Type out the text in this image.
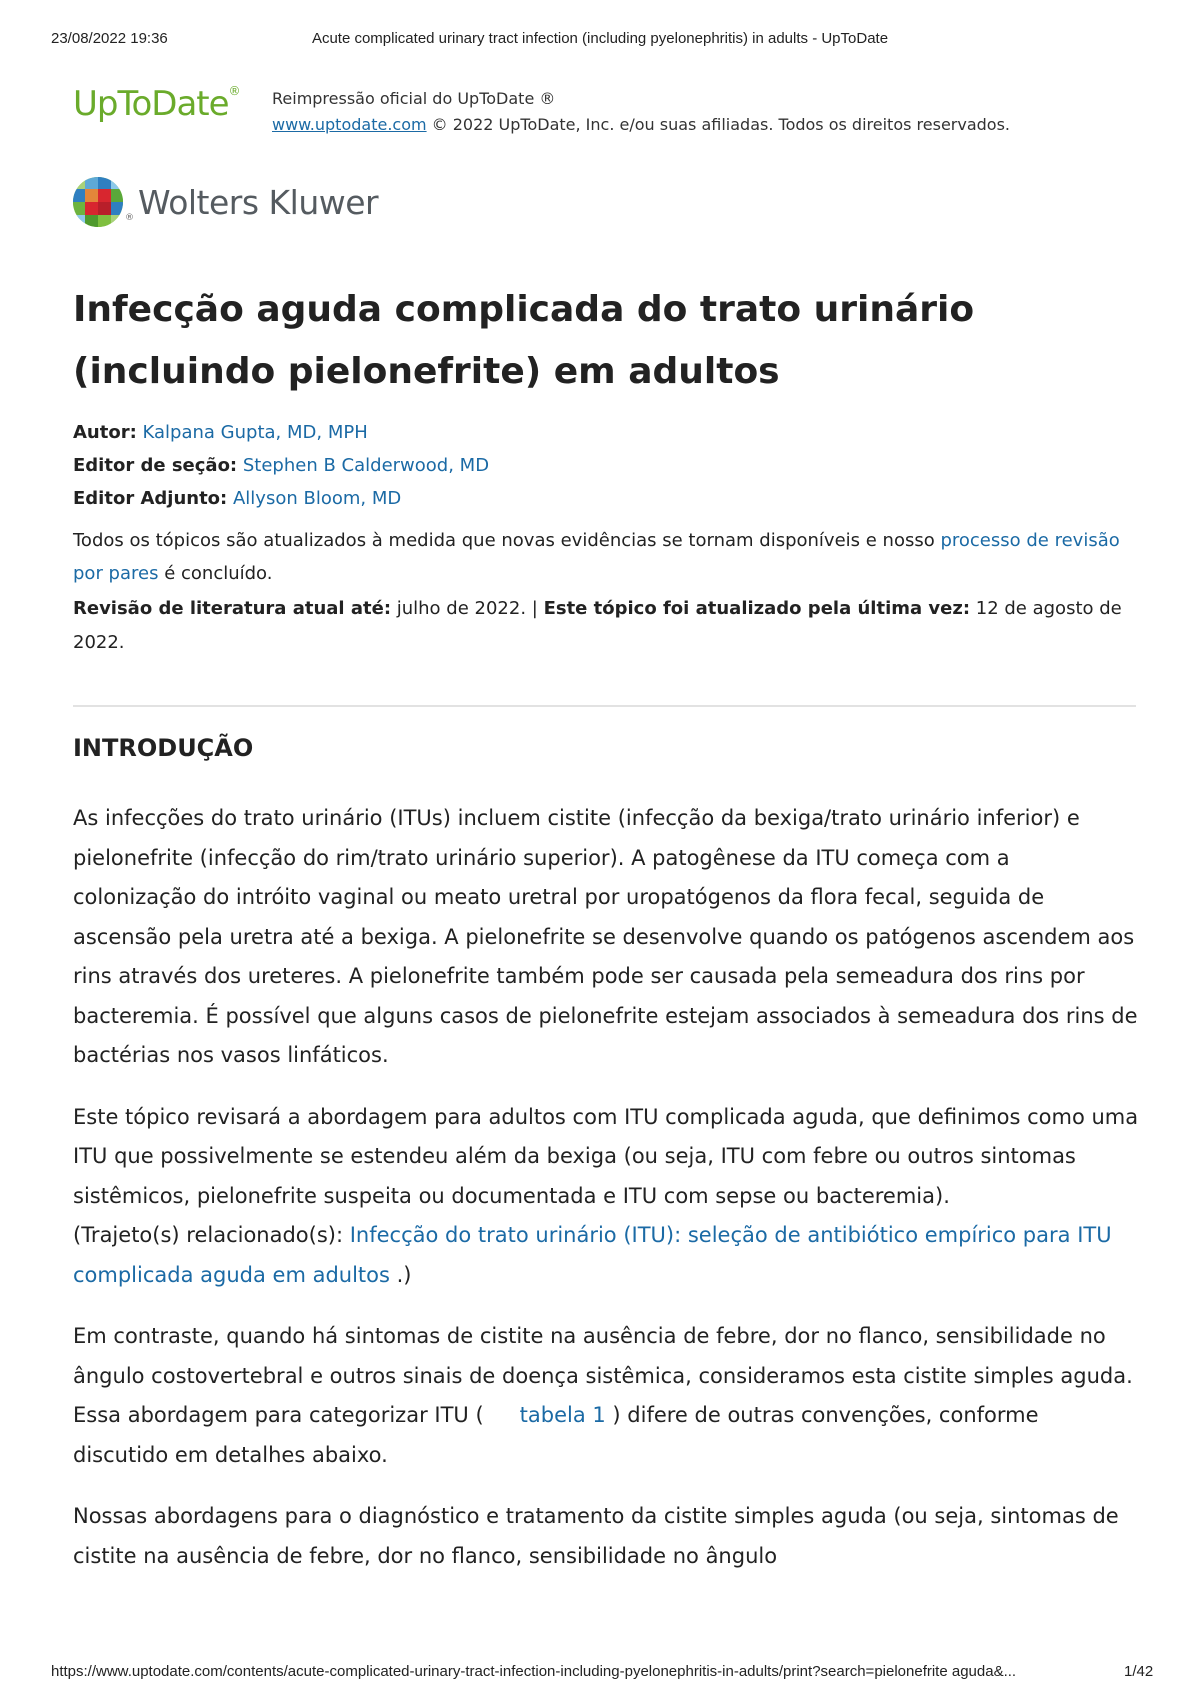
23/08/2022 19:36	Acute complicated urinary tract infection (including pyelonephritis) in adults - UpToDate
UpToDate® Reimpressão oficial do UpToDate ®
www.uptodate.com © 2022 UpToDate, Inc. e/ou suas afiliadas. Todos os direitos reservados.
® Wolters Kluwer
Infecção aguda complicada do trato urinário (incluindo pielonefrite) em adultos
Autor: Kalpana Gupta, MD, MPH
Editor de seção: Stephen B Calderwood, MD
Editor Adjunto: Allyson Bloom, MD
Todos os tópicos são atualizados à medida que novas evidências se tornam disponíveis e nosso processo de revisão por pares é concluído.
Revisão de literatura atual até: julho de 2022. | Este tópico foi atualizado pela última vez: 12 de agosto de 2022.
INTRODUÇÃO

As infecções do trato urinário (ITUs) incluem cistite (infecção da bexiga/trato urinário inferior) e pielonefrite (infecção do rim/trato urinário superior). A patogênese da ITU começa com a colonização do intróito vaginal ou meato uretral por uropatógenos da flora fecal, seguida de ascensão pela uretra até a bexiga. A pielonefrite se desenvolve quando os patógenos ascendem aos rins através dos ureteres. A pielonefrite também pode ser causada pela semeadura dos rins por bacteremia. É possível que alguns casos de pielonefrite estejam associados à semeadura dos rins de bactérias nos vasos linfáticos.

Este tópico revisará a abordagem para adultos com ITU complicada aguda, que definimos como uma ITU que possivelmente se estendeu além da bexiga (ou seja, ITU com febre ou outros sintomas sistêmicos, pielonefrite suspeita ou documentada e ITU com sepse ou bacteremia).

(Trajeto(s) relacionado(s): Infecção do trato urinário (ITU): seleção de antibiótico empírico para ITU complicada aguda em adultos .)

Em contraste, quando há sintomas de cistite na ausência de febre, dor no flanco, sensibilidade no ângulo costovertebral e outros sinais de doença sistêmica, consideramos esta cistite simples aguda. Essa abordagem para categorizar ITU ( tabela 1 ) difere de outras convenções, conforme discutido em detalhes abaixo.

Nossas abordagens para o diagnóstico e tratamento da cistite simples aguda (ou seja, sintomas de cistite na ausência de febre, dor no flanco, sensibilidade no ângulo

https://www.uptodate.com/contents/acute-complicated-urinary-tract-infection-including-pyelonephritis-in-adults/print?search=pielonefrite aguda&...	1/42
